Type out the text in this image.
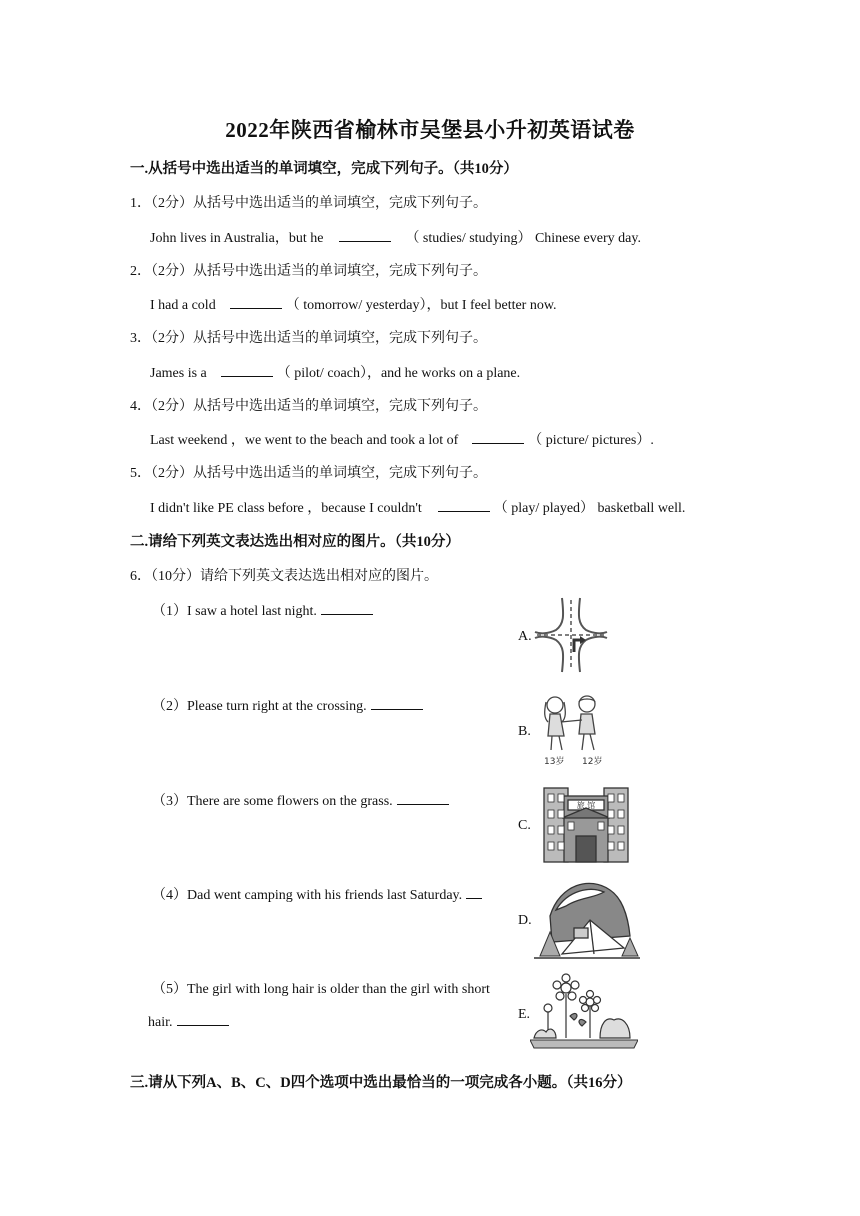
2022年陕西省榆林市吴堡县小升初英语试卷
一.从括号中选出适当的单词填空，完成下列句子。（共10分）
1．（2分）从括号中选出适当的单词填空，完成下列句子。
John lives in Australia，but he	（ studies/ studying） Chinese every day.
2．（2分）从括号中选出适当的单词填空，完成下列句子。
I had a cold	（ tomorrow/ yesterday），but I feel better now.
3．（2分）从括号中选出适当的单词填空，完成下列句子。
James is a	（ pilot/ coach），and he works on a plane.
4．（2分）从括号中选出适当的单词填空，完成下列句子。
Last weekend ，we went to the beach and took a lot of	（ picture/ pictures）.
5．（2分）从括号中选出适当的单词填空，完成下列句子。
I didn't like PE class before ，because I couldn't	（ play/ played） basketball well.
二.请给下列英文表达选出相对应的图片。（共10分）
6．（10分）请给下列英文表达选出相对应的图片。
（1）I saw a hotel last night.
（2）Please turn right at the crossing.
（3）There are some flowers on the grass.
（4）Dad went camping with his friends last Saturday.
（5）The girl with long hair is older than the girl with short
hair.
A.
B.
C.
D.
E.
13岁 12岁
旅 馆
三.请从下列A、B、C、D四个选项中选出最恰当的一项完成各小题。（共16分）
